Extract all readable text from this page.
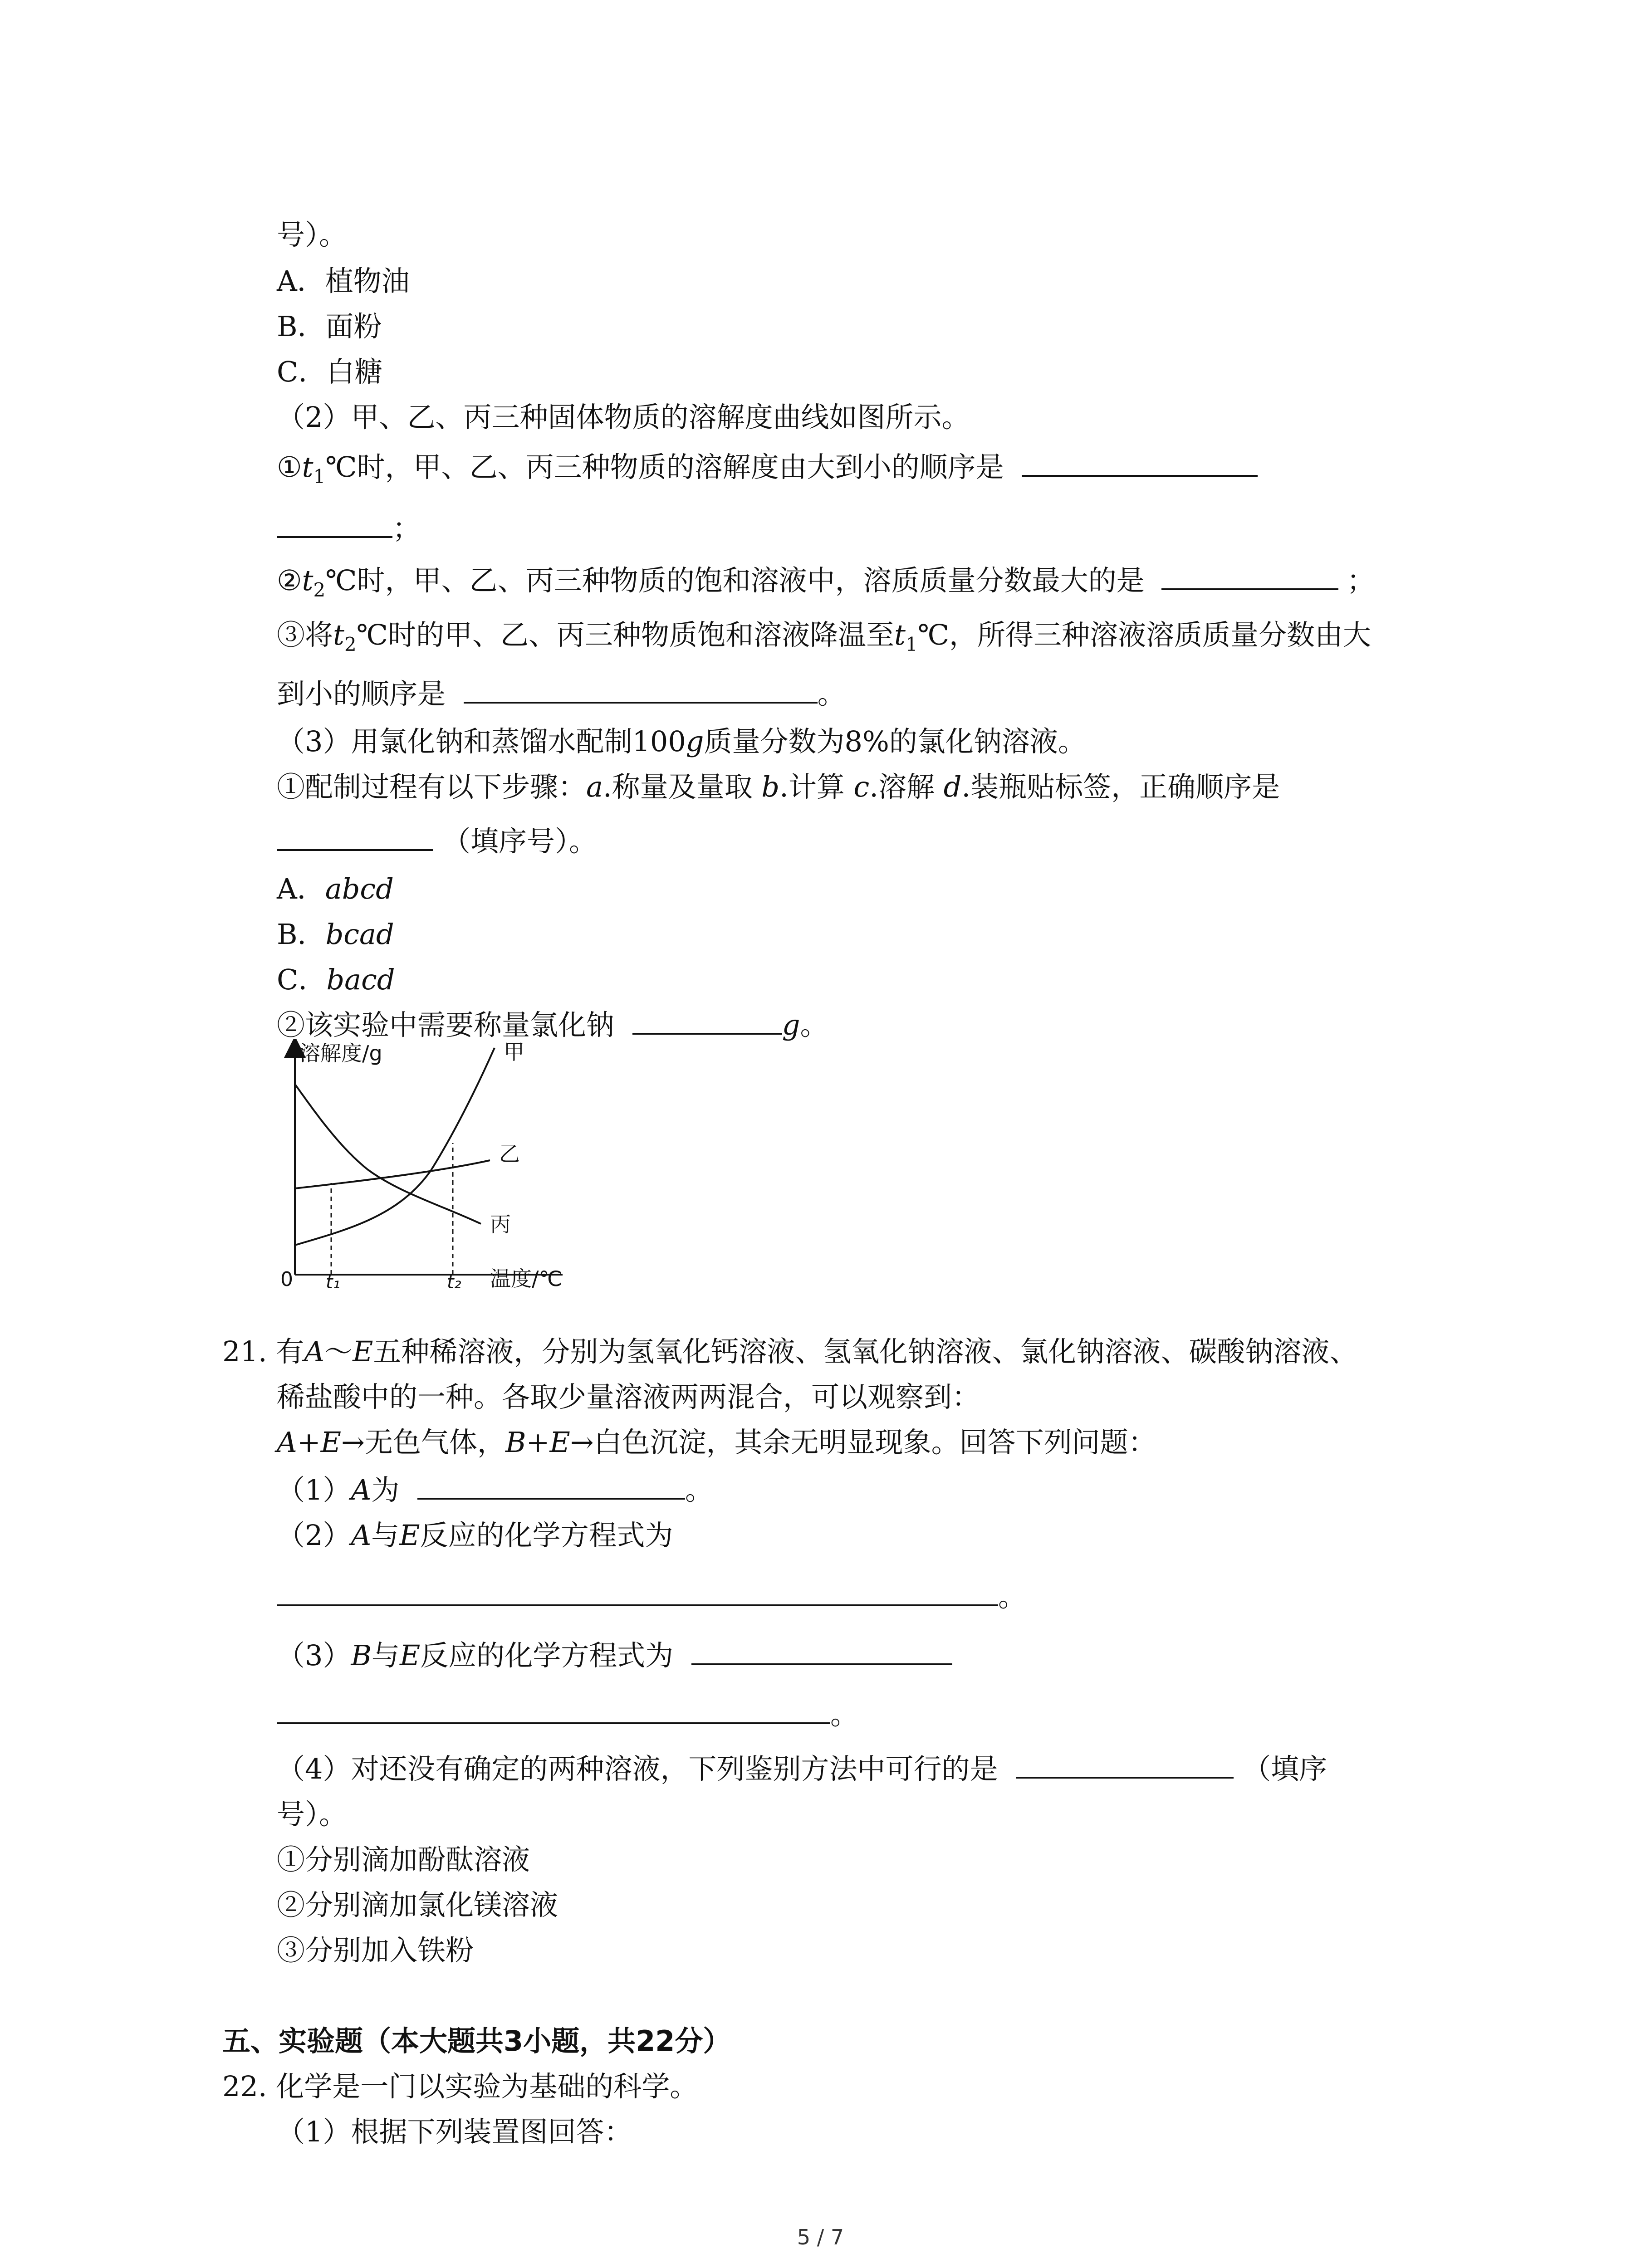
号）。
A．植物油
B．面粉
C．白糖
（2）甲、乙、丙三种固体物质的溶解度曲线如图所示。
$①t_1℃$时，甲、乙、丙三种物质的溶解度由大到小的顺序是
；
$②t_2℃$时，甲、乙、丙三种物质的饱和溶液中，溶质质量分数最大的是	；
③将$t_2℃$时的甲、乙、丙三种物质饱和溶液降温至$t_1℃$，所得三种溶液溶质质量分数由大
到小的顺序是	。
（3）用氯化钠和蒸馏水配制100g质量分数为8%的氯化钠溶液。
①配制过程有以下步骤：a.称量及量取 b.计算 c.溶解 d.装瓶贴标签，正确顺序是
（填序号）。
A．abcd
B．bcad
C．bacd
②该实验中需要称量氯化钠	g。
溶解度/g
温度/℃
0 t₁	t₂
甲
乙
丙
21. 有A～E五种稀溶液，分别为氢氧化钙溶液、氢氧化钠溶液、氯化钠溶液、碳酸钠溶液、
稀盐酸中的一种。各取少量溶液两两混合，可以观察到：
A+E→无色气体，B+E→白色沉淀，其余无明显现象。回答下列问题：
（1）A为	。
（2）A与E反应的化学方程式为
。
（3）B与E反应的化学方程式为
。
（4）对还没有确定的两种溶液，下列鉴别方法中可行的是	（填序
号）。
①分别滴加酚酞溶液
②分别滴加氯化镁溶液
③分别加入铁粉
五、实验题（本大题共3小题，共22分）
22. 化学是一门以实验为基础的科学。
（1）根据下列装置图回答：
5 / 7
